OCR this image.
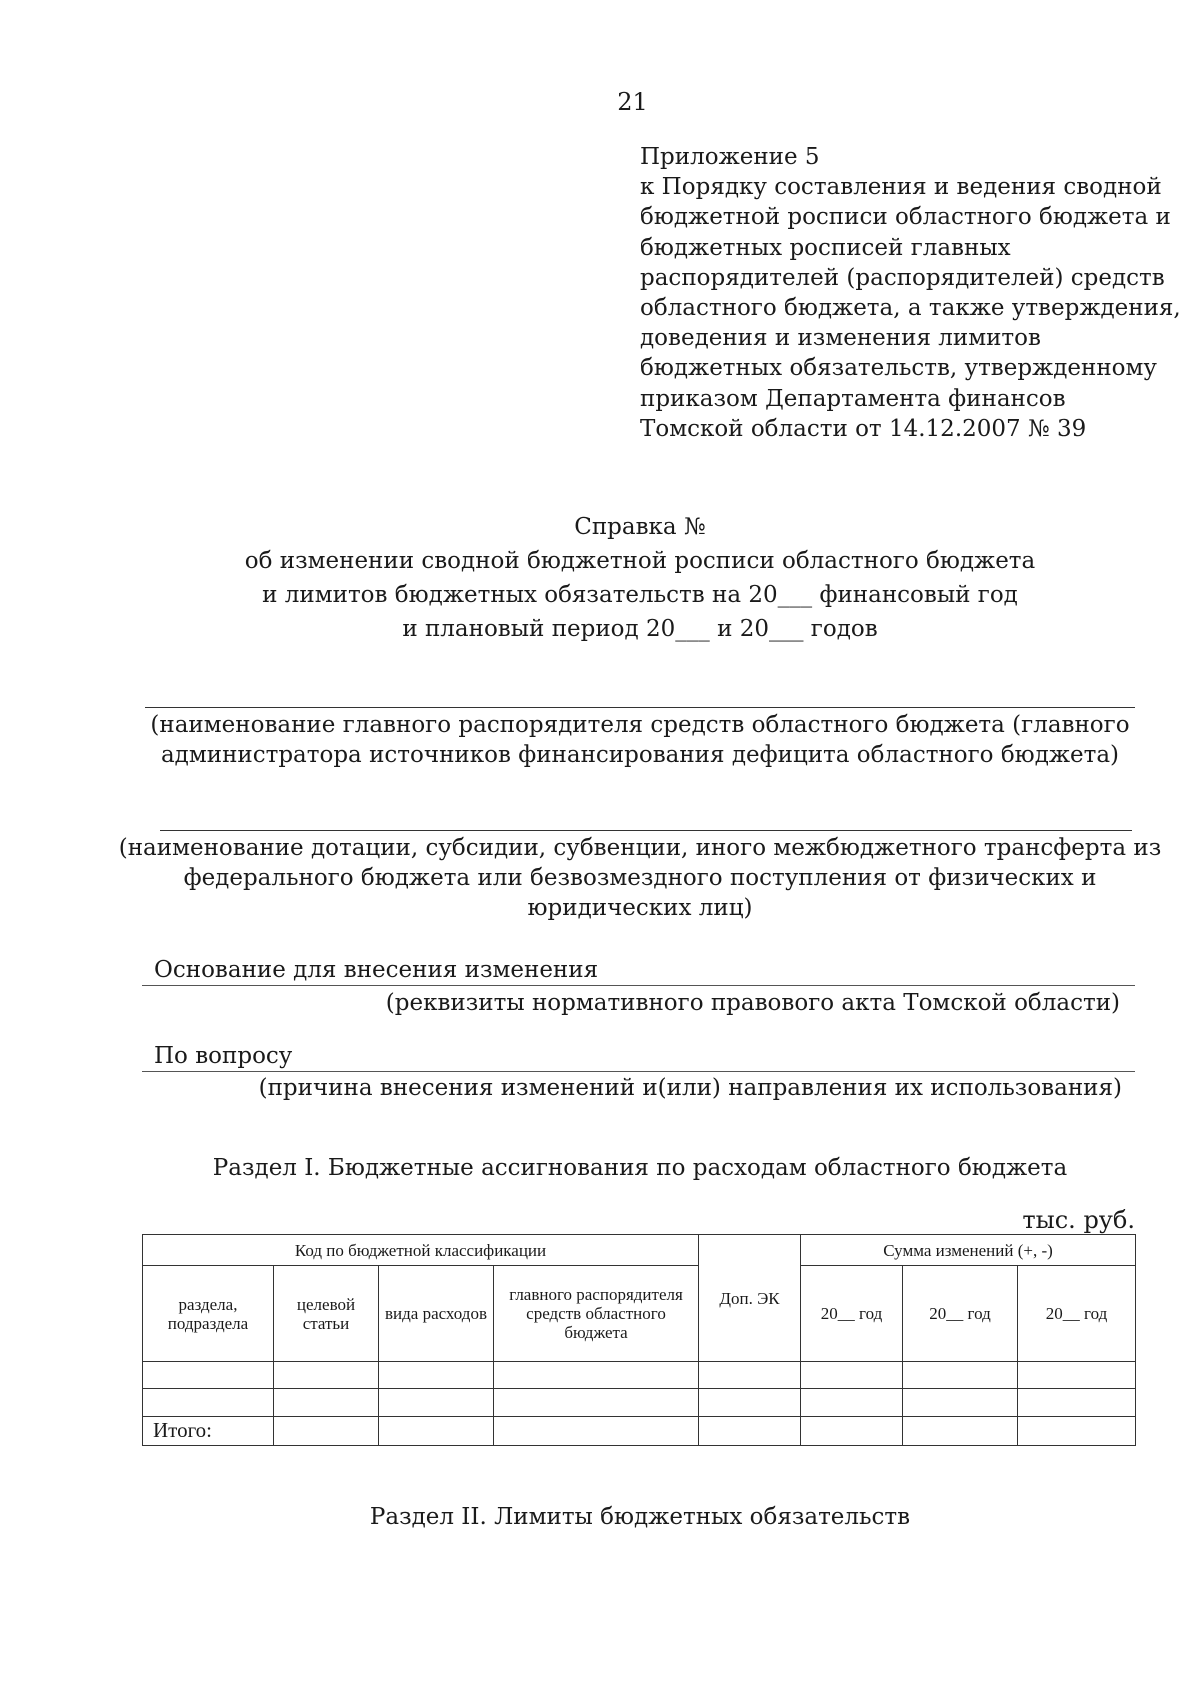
21
Приложение 5
к Порядку составления и ведения сводной
бюджетной росписи областного бюджета и
бюджетных росписей главных
распорядителей (распорядителей) средств
областного бюджета, а также утверждения,
доведения и изменения лимитов
бюджетных обязательств, утвержденному
приказом Департамента финансов
Томской области от 14.12.2007 № 39
Справка №
об изменении сводной бюджетной росписи областного бюджета
и лимитов бюджетных обязательств на 20___ финансовый год
и плановый период 20___ и 20___ годов
(наименование главного распорядителя средств областного бюджета (главного
администратора источников финансирования дефицита областного бюджета)
(наименование дотации, субсидии, субвенции, иного межбюджетного трансферта из
федерального бюджета или безвозмездного поступления от физических и
юридических лиц)
Основание для внесения изменения
(реквизиты нормативного правового акта Томской области)
По вопросу
(причина внесения изменений и(или) направления их использования)
Раздел I. Бюджетные ассигнования по расходам областного бюджета
тыс. руб.
Код по бюджетной классификации				Доп. ЭК	Сумма изменений (+, -)		
раздела, подраздела	целевой статьи	вида расходов	главного распорядителя средств областного бюджета		20__ год	20__ год	20__ год

Итого:							
Раздел II. Лимиты бюджетных обязательств
